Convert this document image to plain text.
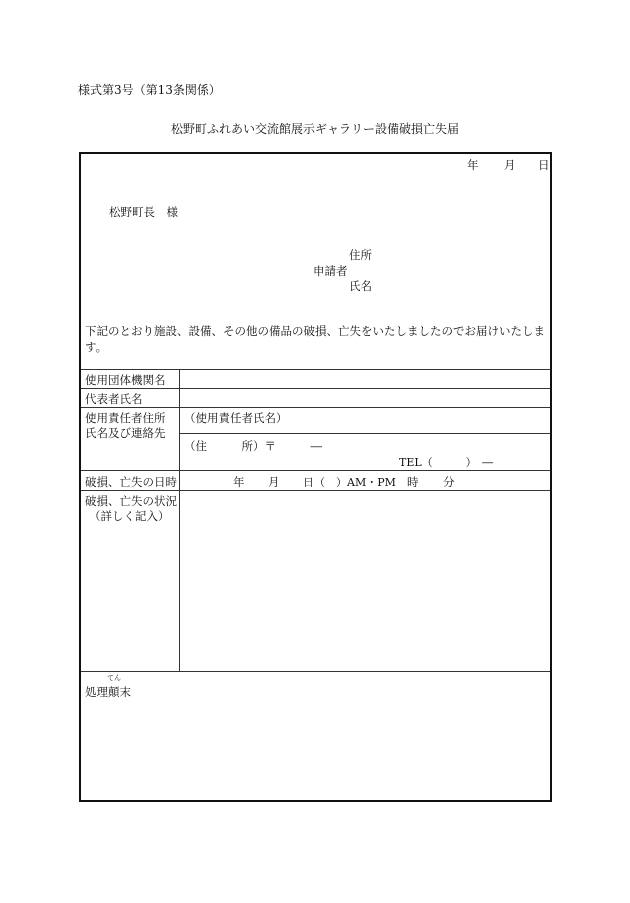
様式第3号（第13条関係）
松野町ふれあい交流館展示ギャラリー設備破損亡失届
年 月 日
松野町長　様
住所
申請者
氏名
下記のとおり施設、設備、その他の備品の破損、亡失をいたしましたのでお届けいたしま
す。
使用団体機関名
代表者氏名
使用責任者住所
氏名及び連絡先
破損、亡失の日時
破損、亡失の状況
（詳しく記入）
（使用責任者氏名）
（住　　　所）〒　　　―
TEL（　　　）　―
年 月 日（　）AM・PM 時 分
てん
処理顛末
